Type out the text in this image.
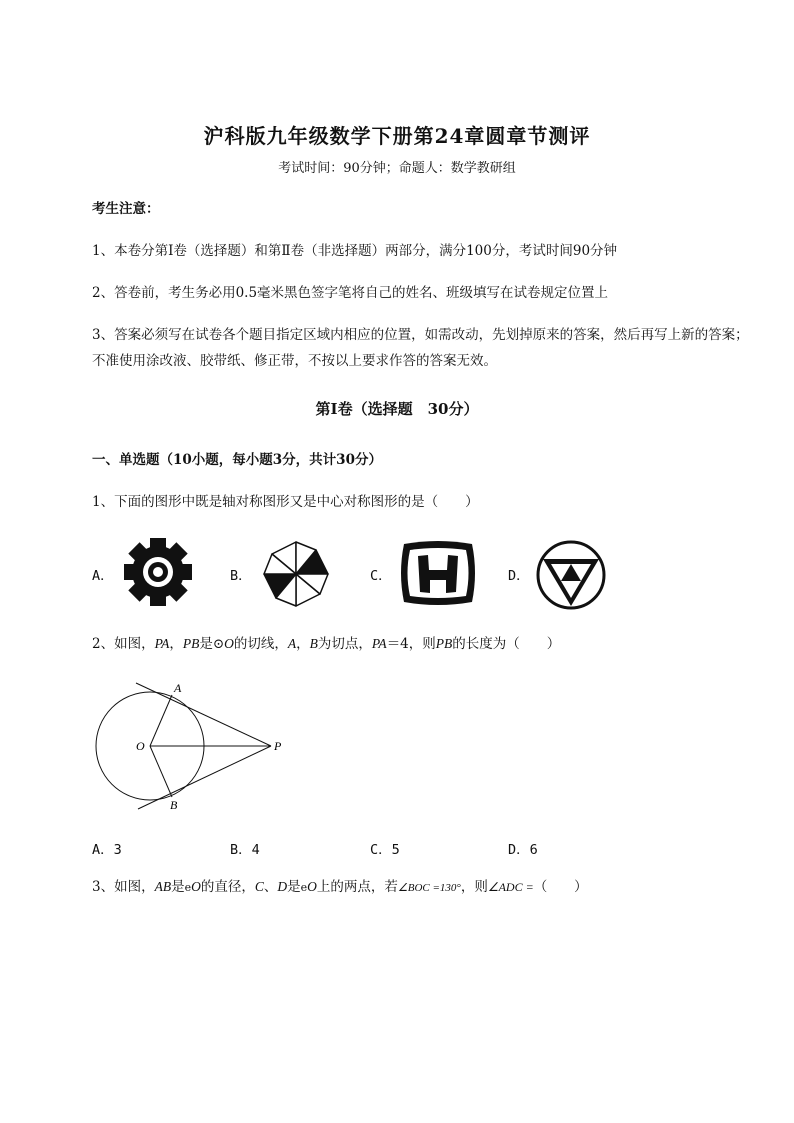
沪科版九年级数学下册第24章圆章节测评
考试时间：90分钟；命题人：数学教研组
考生注意：
1、本卷分第I卷（选择题）和第Ⅱ卷（非选择题）两部分，满分100分，考试时间90分钟
2、答卷前，考生务必用0.5毫米黑色签字笔将自己的姓名、班级填写在试卷规定位置上
3、答案必须写在试卷各个题目指定区域内相应的位置，如需改动，先划掉原来的答案，然后再写上新的答案；不准使用涂改液、胶带纸、修正带，不按以上要求作答的答案无效。
第I卷（选择题　30分）
一、单选题（10小题，每小题3分，共计30分）
1、下面的图形中既是轴对称图形又是中心对称图形的是（　　）
A．	B．	C．	D．
2、如图，PA，PB是⊙O的切线，A，B为切点，PA＝4，则PB的长度为（　　）
A
B
O	P
A．3	B．4	C．5	D．6
3、如图，AB是eO的直径，C、D是eO上的两点，若∠BOC =130°，则∠ADC =（　　）
